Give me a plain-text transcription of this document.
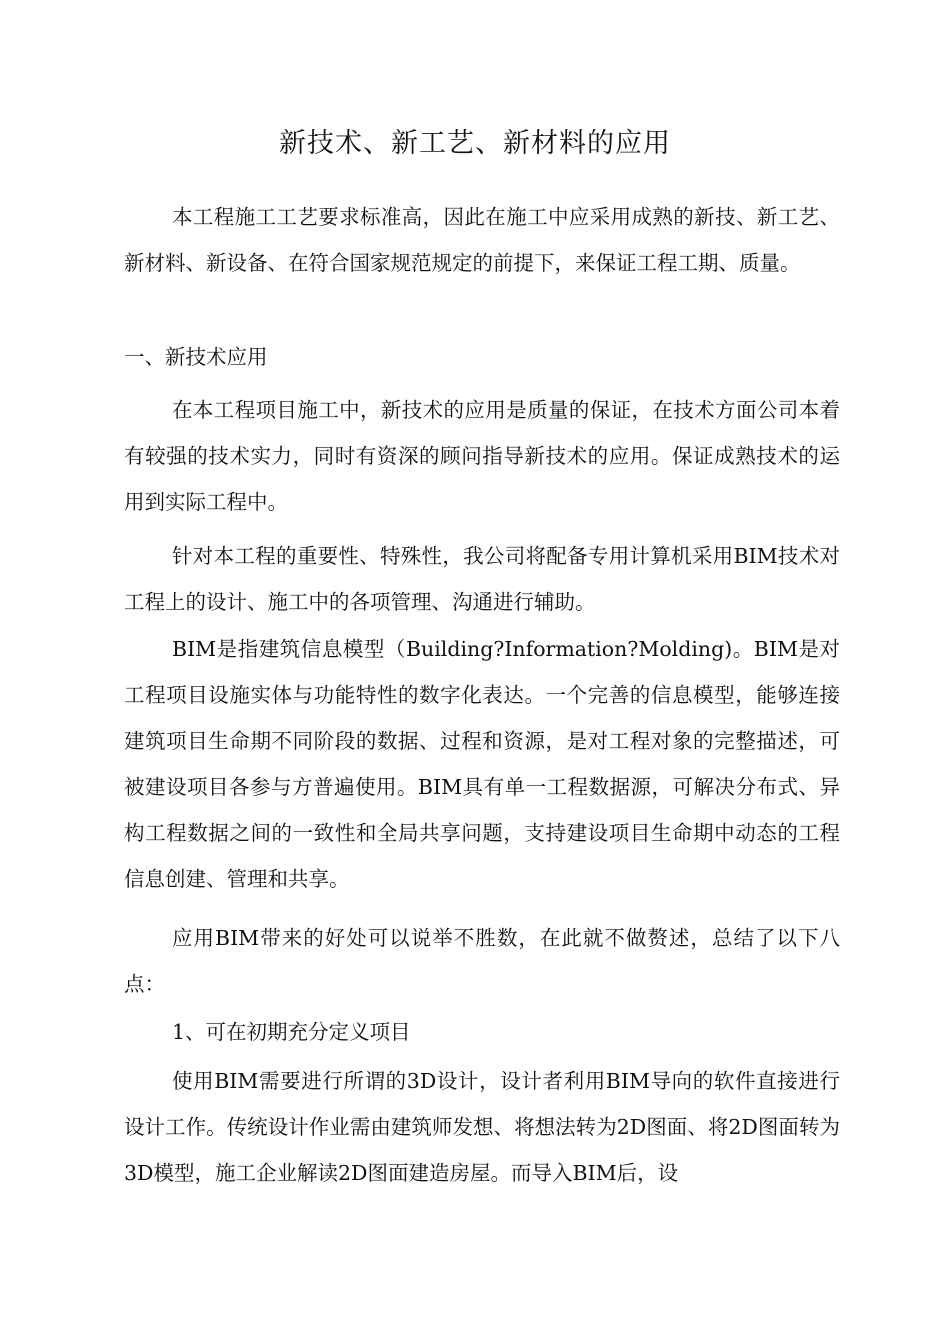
新技术、新工艺、新材料的应用

本工程施工工艺要求标准高，因此在施工中应采用成熟的新技、新工艺、新材料、新设备、在符合国家规范规定的前提下，来保证工程工期、质量。

一、新技术应用

在本工程项目施工中，新技术的应用是质量的保证，在技术方面公司本着有较强的技术实力，同时有资深的顾问指导新技术的应用。保证成熟技术的运用到实际工程中。

针对本工程的重要性、特殊性，我公司将配备专用计算机采用BIM技术对工程上的设计、施工中的各项管理、沟通进行辅助。

BIM是指建筑信息模型（Building?Information?Molding)。BIM是对工程项目设施实体与功能特性的数字化表达。一个完善的信息模型，能够连接建筑项目生命期不同阶段的数据、过程和资源，是对工程对象的完整描述，可被建设项目各参与方普遍使用。BIM具有单一工程数据源，可解决分布式、异构工程数据之间的一致性和全局共享问题，支持建设项目生命期中动态的工程信息创建、管理和共享。

应用BIM带来的好处可以说举不胜数，在此就不做赘述，总结了以下八点：

1、可在初期充分定义项目

使用BIM需要进行所谓的3D设计，设计者利用BIM导向的软件直接进行设计工作。传统设计作业需由建筑师发想、将想法转为2D图面、将2D图面转为3D模型，施工企业解读2D图面建造房屋。而导入BIM后，设
